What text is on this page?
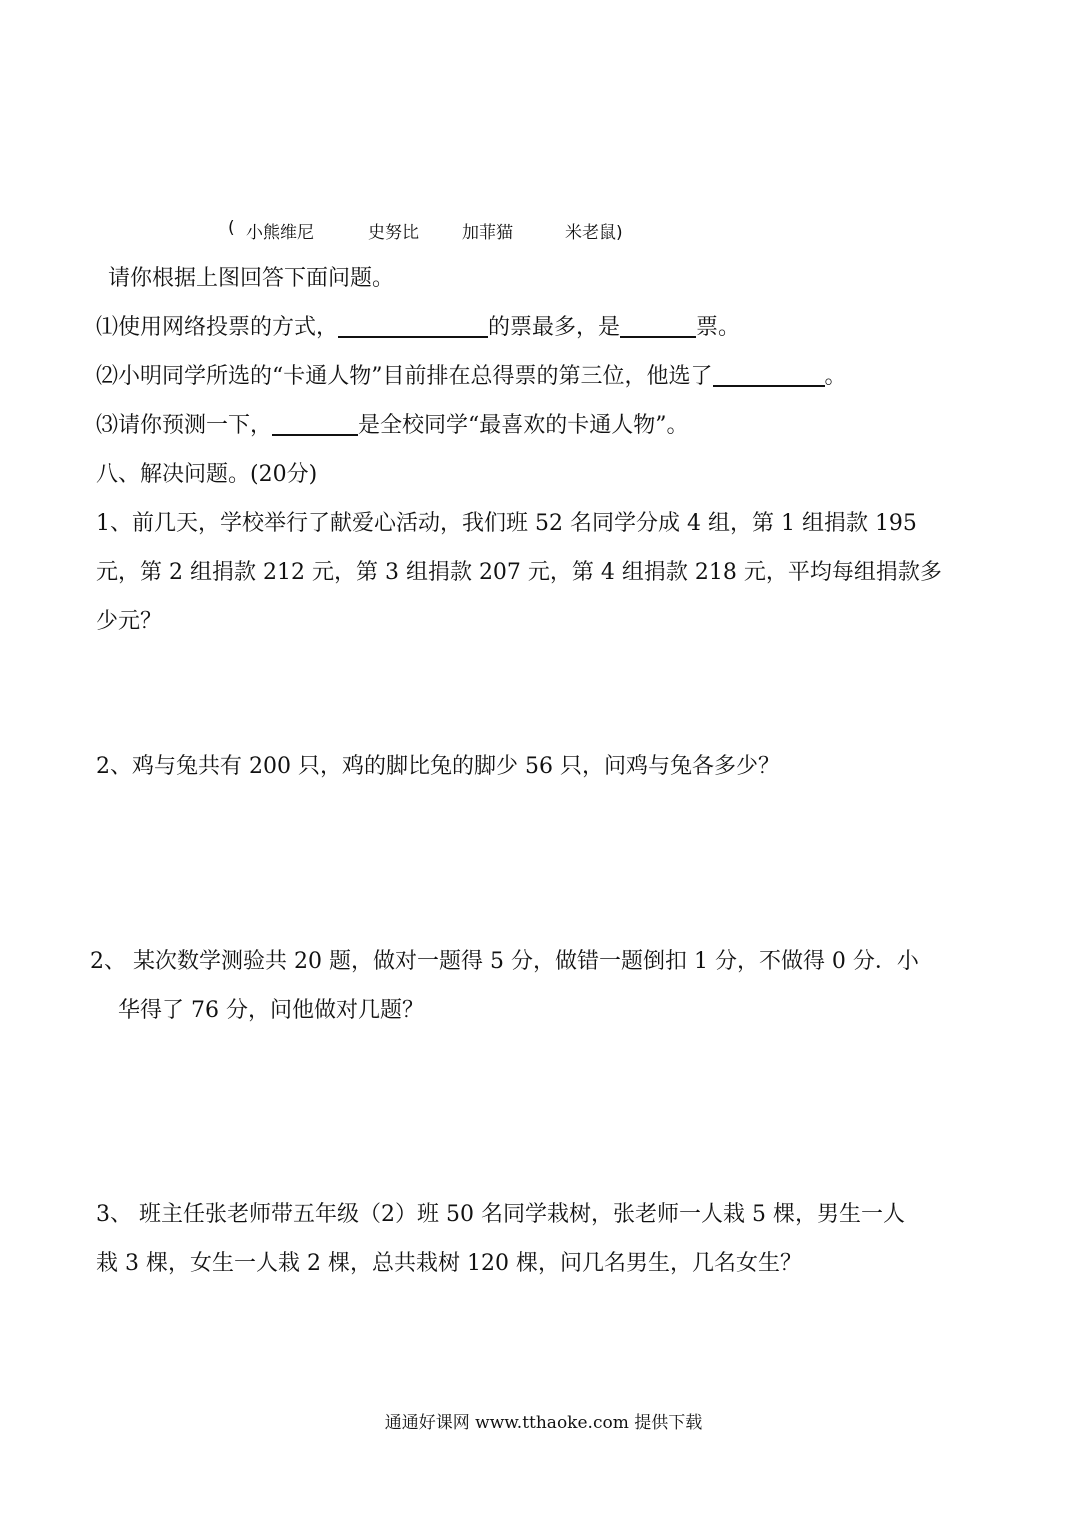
( 小熊维尼	史努比	加菲猫	米老鼠)
请你根据上图回答下面问题。
⑴使用网络投票的方式，	的票最多，是	票。
⑵小明同学所选的“卡通人物”目前排在总得票的第三位，他选了	。
⑶请你预测一下，	是全校同学“最喜欢的卡通人物”。
八、解决问题。(20分)
1、前几天，学校举行了献爱心活动，我们班 52 名同学分成 4 组，第 1 组捐款 195
元，第 2 组捐款 212 元，第 3 组捐款 207 元，第 4 组捐款 218 元，平均每组捐款多
少元？
2、鸡与兔共有 200 只，鸡的脚比兔的脚少 56 只，问鸡与兔各多少？
2、 某次数学测验共 20 题，做对一题得 5 分，做错一题倒扣 1 分，不做得 0 分．小
华得了 76 分，问他做对几题？
3、 班主任张老师带五年级（2）班 50 名同学栽树，张老师一人栽 5 棵，男生一人
栽 3 棵，女生一人栽 2 棵，总共栽树 120 棵，问几名男生，几名女生？
通通好课网 www.tthaoke.com 提供下载
